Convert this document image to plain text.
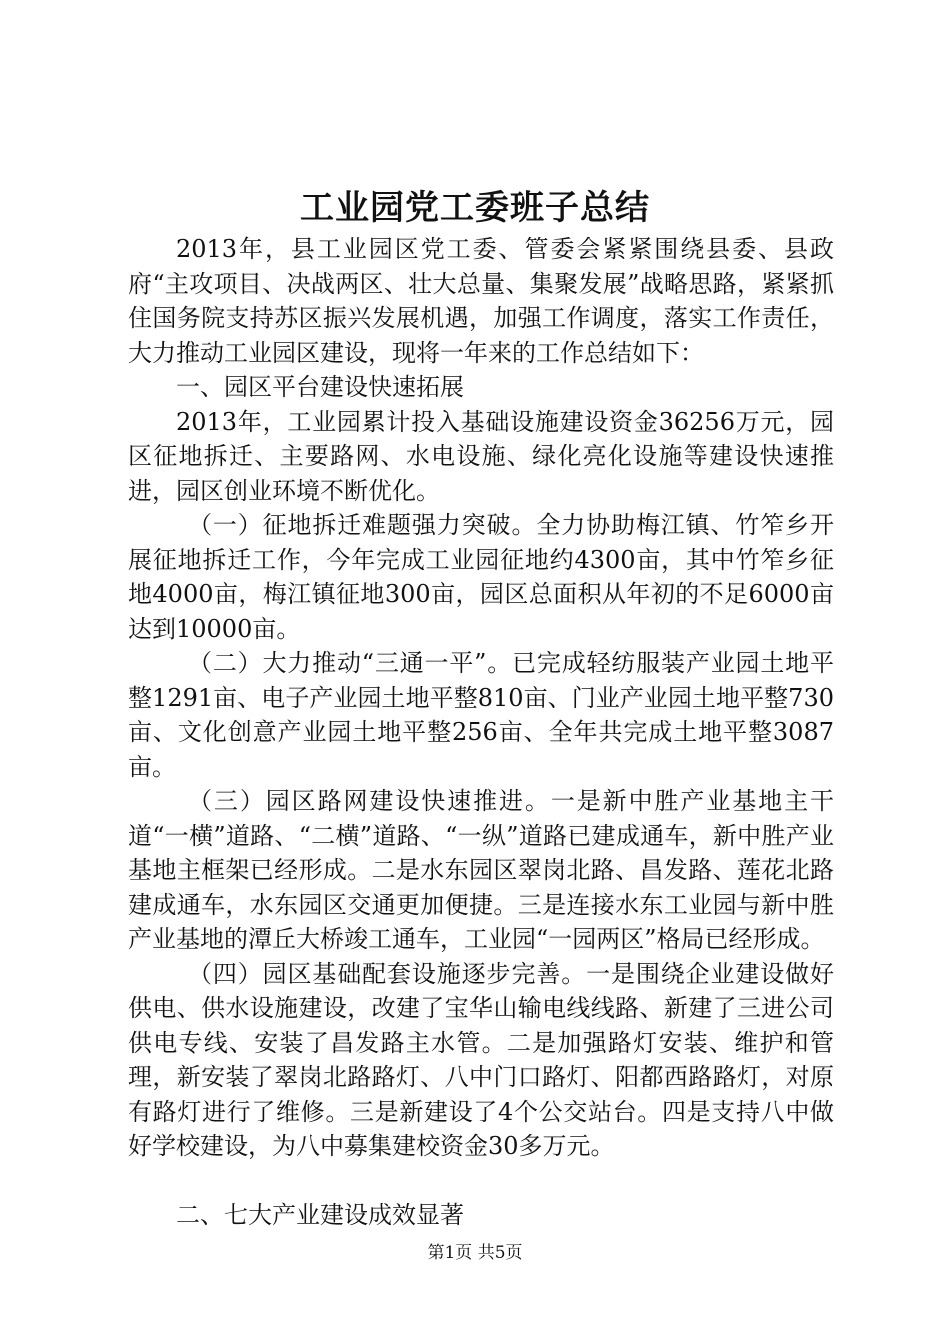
工业园党工委班子总结

2013年，县工业园区党工委、管委会紧紧围绕县委、县政府“主攻项目、决战两区、壮大总量、集聚发展”战略思路，紧紧抓住国务院支持苏区振兴发展机遇，加强工作调度，落实工作责任，大力推动工业园区建设，现将一年来的工作总结如下：

一、园区平台建设快速拓展

2013年，工业园累计投入基础设施建设资金36256万元，园区征地拆迁、主要路网、水电设施、绿化亮化设施等建设快速推进，园区创业环境不断优化。

（一）征地拆迁难题强力突破。全力协助梅江镇、竹笮乡开展征地拆迁工作，今年完成工业园征地约4300亩，其中竹笮乡征地4000亩，梅江镇征地300亩，园区总面积从年初的不足6000亩达到10000亩。

（二）大力推动“三通一平”。已完成轻纺服装产业园土地平整1291亩、电子产业园土地平整810亩、门业产业园土地平整730亩、文化创意产业园土地平整256亩、全年共完成土地平整3087亩。

（三）园区路网建设快速推进。一是新中胜产业基地主干道“一横”道路、“二横”道路、“一纵”道路已建成通车，新中胜产业基地主框架已经形成。二是水东园区翠岗北路、昌发路、莲花北路建成通车，水东园区交通更加便捷。三是连接水东工业园与新中胜产业基地的潭丘大桥竣工通车，工业园“一园两区”格局已经形成。

（四）园区基础配套设施逐步完善。一是围绕企业建设做好供电、供水设施建设，改建了宝华山输电线线路、新建了三进公司供电专线、安装了昌发路主水管。二是加强路灯安装、维护和管理，新安装了翠岗北路路灯、八中门口路灯、阳都西路路灯，对原有路灯进行了维修。三是新建设了4个公交站台。四是支持八中做好学校建设，为八中募集建校资金30多万元。

二、七大产业建设成效显著

第1页 共5页
